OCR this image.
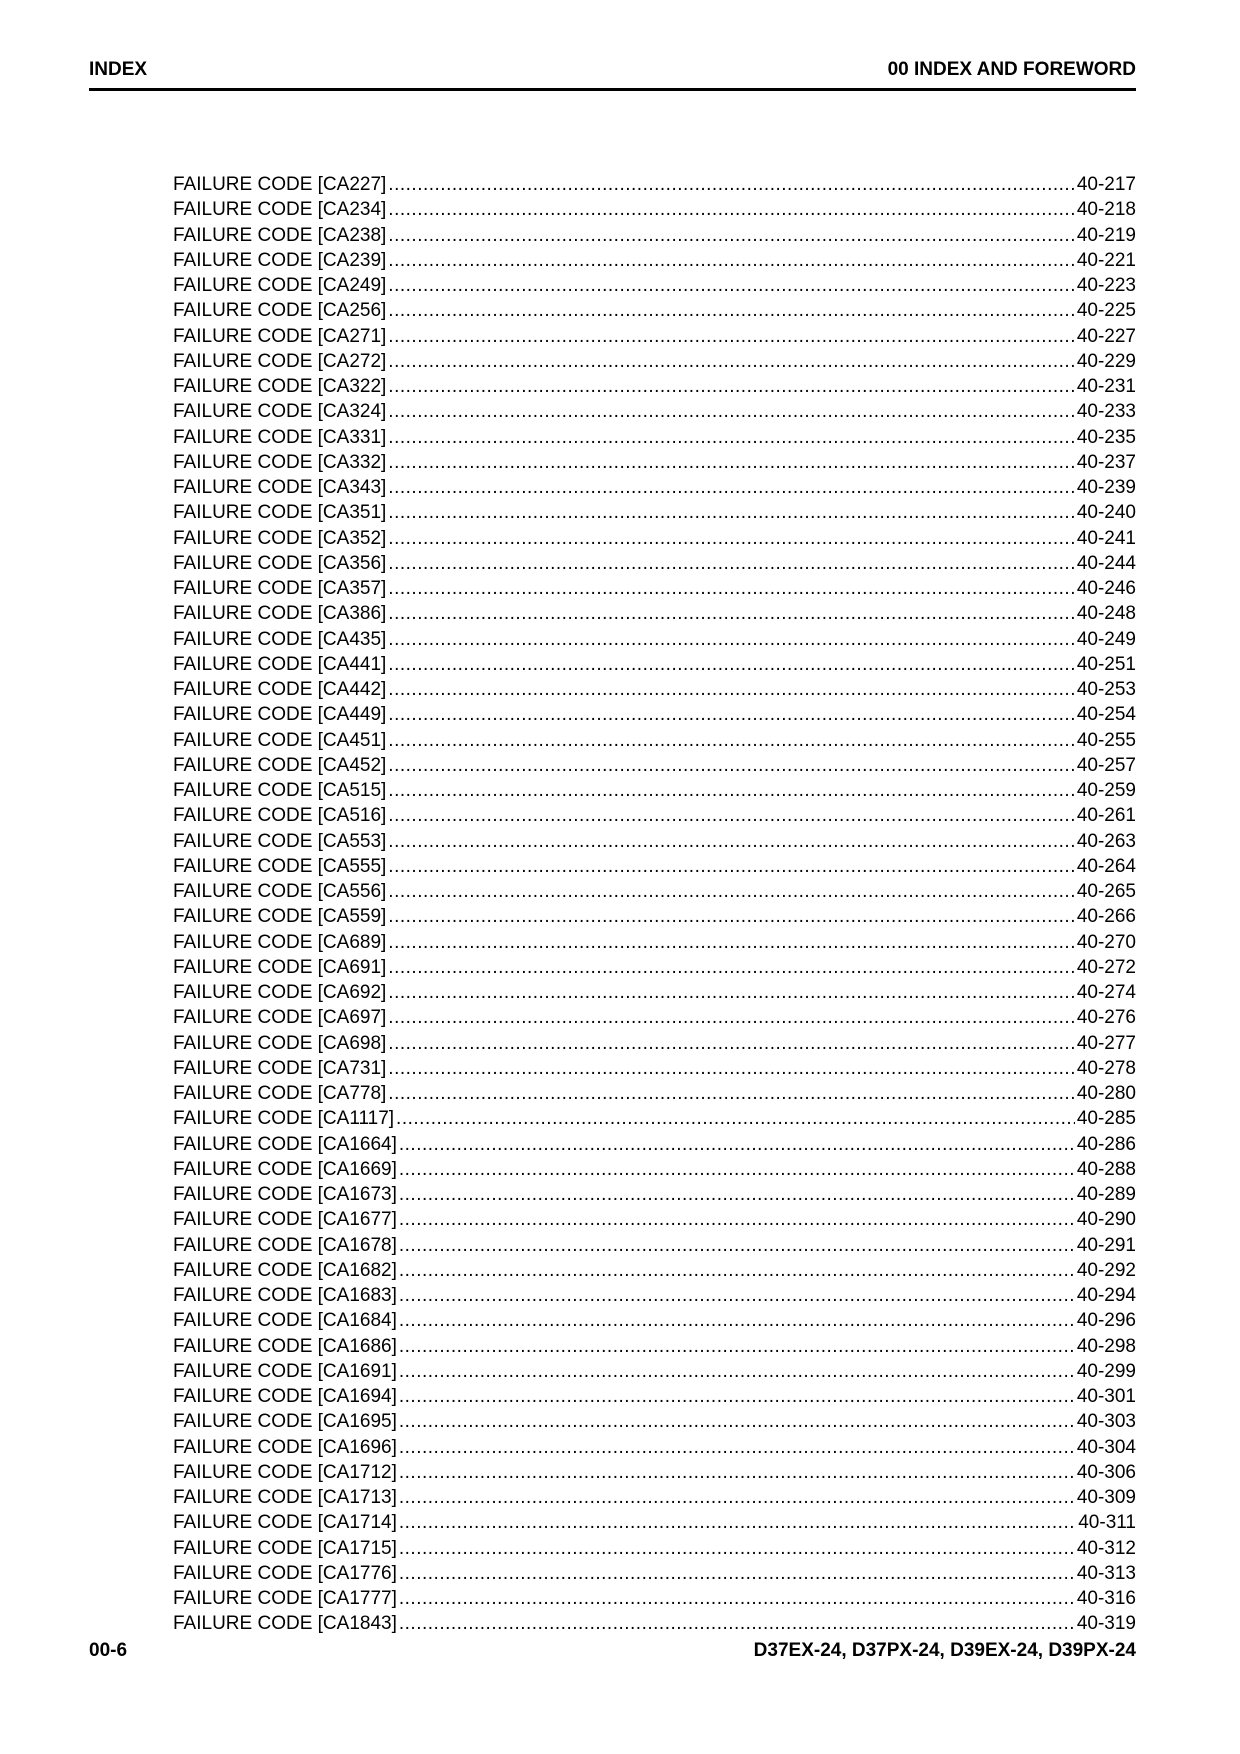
INDEX	00 INDEX AND FOREWORD
FAILURE CODE [CA227] .....	40-217
FAILURE CODE [CA234] .....	40-218
FAILURE CODE [CA238] .....	40-219
FAILURE CODE [CA239] .....	40-221
FAILURE CODE [CA249] .....	40-223
FAILURE CODE [CA256] .....	40-225
FAILURE CODE [CA271] .....	40-227
FAILURE CODE [CA272] .....	40-229
FAILURE CODE [CA322] .....	40-231
FAILURE CODE [CA324] .....	40-233
FAILURE CODE [CA331] .....	40-235
FAILURE CODE [CA332] .....	40-237
FAILURE CODE [CA343] .....	40-239
FAILURE CODE [CA351] .....	40-240
FAILURE CODE [CA352] .....	40-241
FAILURE CODE [CA356] .....	40-244
FAILURE CODE [CA357] .....	40-246
FAILURE CODE [CA386] .....	40-248
FAILURE CODE [CA435] .....	40-249
FAILURE CODE [CA441] .....	40-251
FAILURE CODE [CA442] .....	40-253
FAILURE CODE [CA449] .....	40-254
FAILURE CODE [CA451] .....	40-255
FAILURE CODE [CA452] .....	40-257
FAILURE CODE [CA515] .....	40-259
FAILURE CODE [CA516] .....	40-261
FAILURE CODE [CA553] .....	40-263
FAILURE CODE [CA555] .....	40-264
FAILURE CODE [CA556] .....	40-265
FAILURE CODE [CA559] .....	40-266
FAILURE CODE [CA689] .....	40-270
FAILURE CODE [CA691] .....	40-272
FAILURE CODE [CA692] .....	40-274
FAILURE CODE [CA697] .....	40-276
FAILURE CODE [CA698] .....	40-277
FAILURE CODE [CA731] .....	40-278
FAILURE CODE [CA778] .....	40-280
FAILURE CODE [CA1117] .....	40-285
FAILURE CODE [CA1664] .....	40-286
FAILURE CODE [CA1669] .....	40-288
FAILURE CODE [CA1673] .....	40-289
FAILURE CODE [CA1677] .....	40-290
FAILURE CODE [CA1678] .....	40-291
FAILURE CODE [CA1682] .....	40-292
FAILURE CODE [CA1683] .....	40-294
FAILURE CODE [CA1684] .....	40-296
FAILURE CODE [CA1686] .....	40-298
FAILURE CODE [CA1691] .....	40-299
FAILURE CODE [CA1694] .....	40-301
FAILURE CODE [CA1695] .....	40-303
FAILURE CODE [CA1696] .....	40-304
FAILURE CODE [CA1712] .....	40-306
FAILURE CODE [CA1713] .....	40-309
FAILURE CODE [CA1714] .....	40-311
FAILURE CODE [CA1715] .....	40-312
FAILURE CODE [CA1776] .....	40-313
FAILURE CODE [CA1777] .....	40-316
FAILURE CODE [CA1843] .....	40-319
00-6	D37EX-24, D37PX-24, D39EX-24, D39PX-24
